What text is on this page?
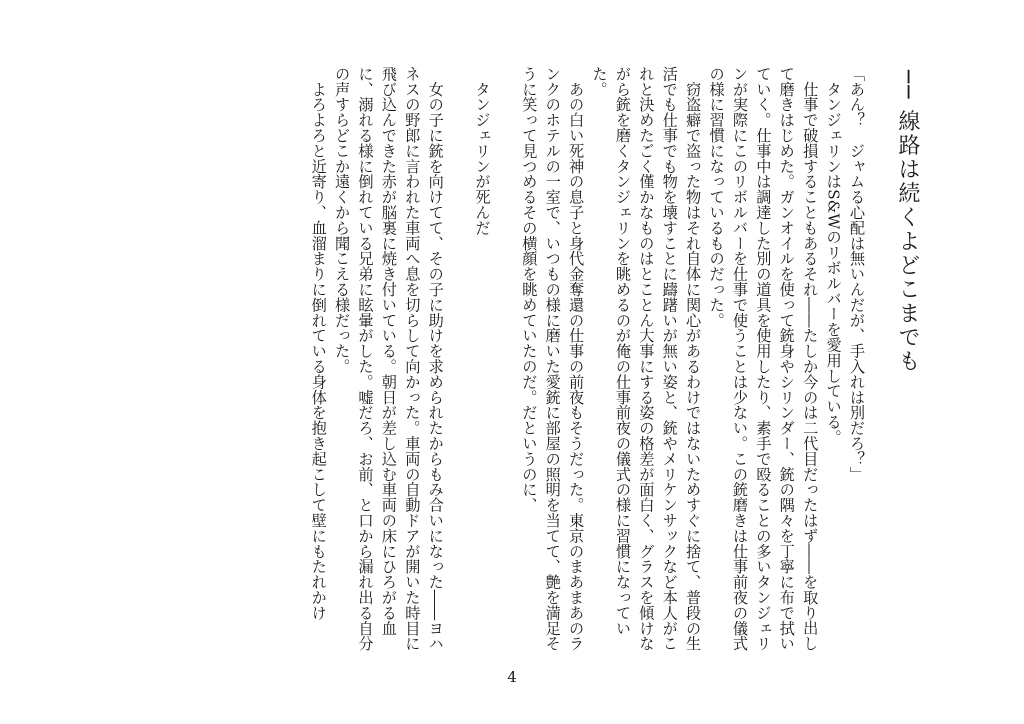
── 線路は続くよどこまでも

「あん？　ジャムる心配は無いんだが、手入れは別だろ？」

　タンジェリンはS&Wのリボルバーを愛用している。

　仕事で破損することもあるそれ――たしか今のは二代目だったはず――を取り出して磨きはじめた。ガンオイルを使って銃身やシリンダー、銃の隅々を丁寧に布で拭いていく。仕事中は調達した別の道具を使用したり、素手で殴ることの多いタンジェリンが実際にこのリボルバーを仕事で使うことは少ない。この銃磨きは仕事前夜の儀式の様に習慣になっているものだった。

　窃盗癖で盗った物はそれ自体に関心があるわけではないためすぐに捨て、普段の生活でも仕事でも物を壊すことに躊躇いが無い姿と、銃やメリケンサックなど本人がこれと決めたごく僅かなものはとことん大事にする姿の格差が面白く、グラスを傾けながら銃を磨くタンジェリンを眺めるのが俺の仕事前夜の儀式の様に習慣になっていた。

　あの白い死神の息子と身代金奪還の仕事の前夜もそうだった。東京のまあまあのランクのホテルの一室で、いつもの様に磨いた愛銃に部屋の照明を当てて、艶を満足そうに笑って見つめるその横顔を眺めていたのだ。だというのに、

　タンジェリンが死んだ

　女の子に銃を向けてて、その子に助けを求められたからもみ合いになった――ヨハネスの野郎に言われた車両へ息を切らして向かった。車両の自動ドアが開いた時目に飛び込んできた赤が脳裏に焼き付いている。朝日が差し込む車両の床にひろがる血に、溺れる様に倒れている兄弟に眩暈がした。嘘だろ、お前、と口から漏れ出る自分の声すらどこか遠くから聞こえる様だった。

　よろよろと近寄り、血溜まりに倒れている身体を抱き起こして壁にもたれかけ

4
